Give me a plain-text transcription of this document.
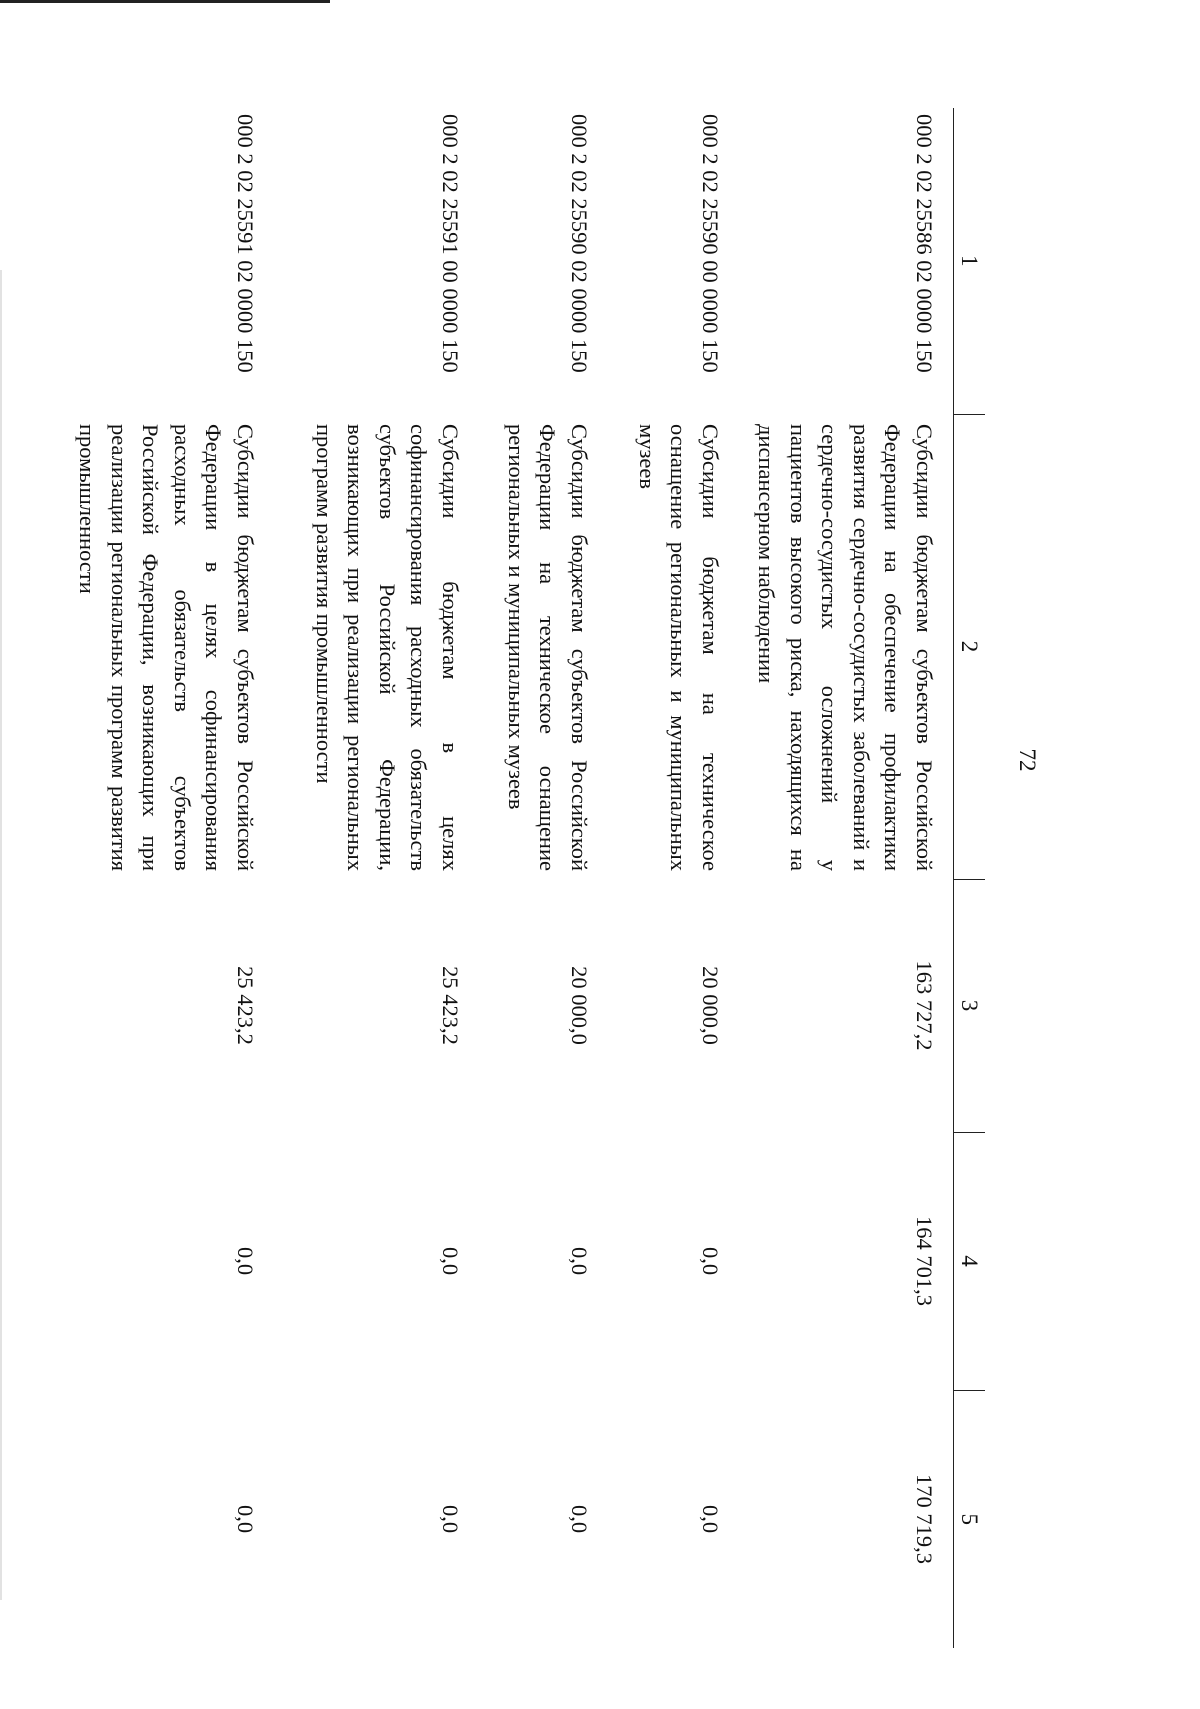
72
1	2	3	4	5
000 2 02 25586 02 0000 150	Субсидии бюджетам субъектов Российской Федерации на обеспечение профилактики развития сердечно-сосудистых заболеваний и сердечно-сосудистых осложнений у пациентов высокого риска, находящихся на диспансерном наблюдении	163 727,2	164 701,3	170 719,3
000 2 02 25590 00 0000 150	Субсидии бюджетам на техническое оснащение региональных и муниципальных музеев	20 000,0	0,0	0,0
000 2 02 25590 02 0000 150	Субсидии бюджетам субъектов Российской Федерации на техническое оснащение региональных и муниципальных музеев	20 000,0	0,0	0,0
000 2 02 25591 00 0000 150	Субсидии бюджетам в целях софинансирования расходных обязательств субъектов Российской Федерации, возникающих при реализации региональных программ развития промышленности	25 423,2	0,0	0,0
000 2 02 25591 02 0000 150	Субсидии бюджетам субъектов Российской Федерации в целях софинансирования расходных обязательств субъектов Российской Федерации, возникающих при реализации региональных программ развития промышленности	25 423,2	0,0	0,0
